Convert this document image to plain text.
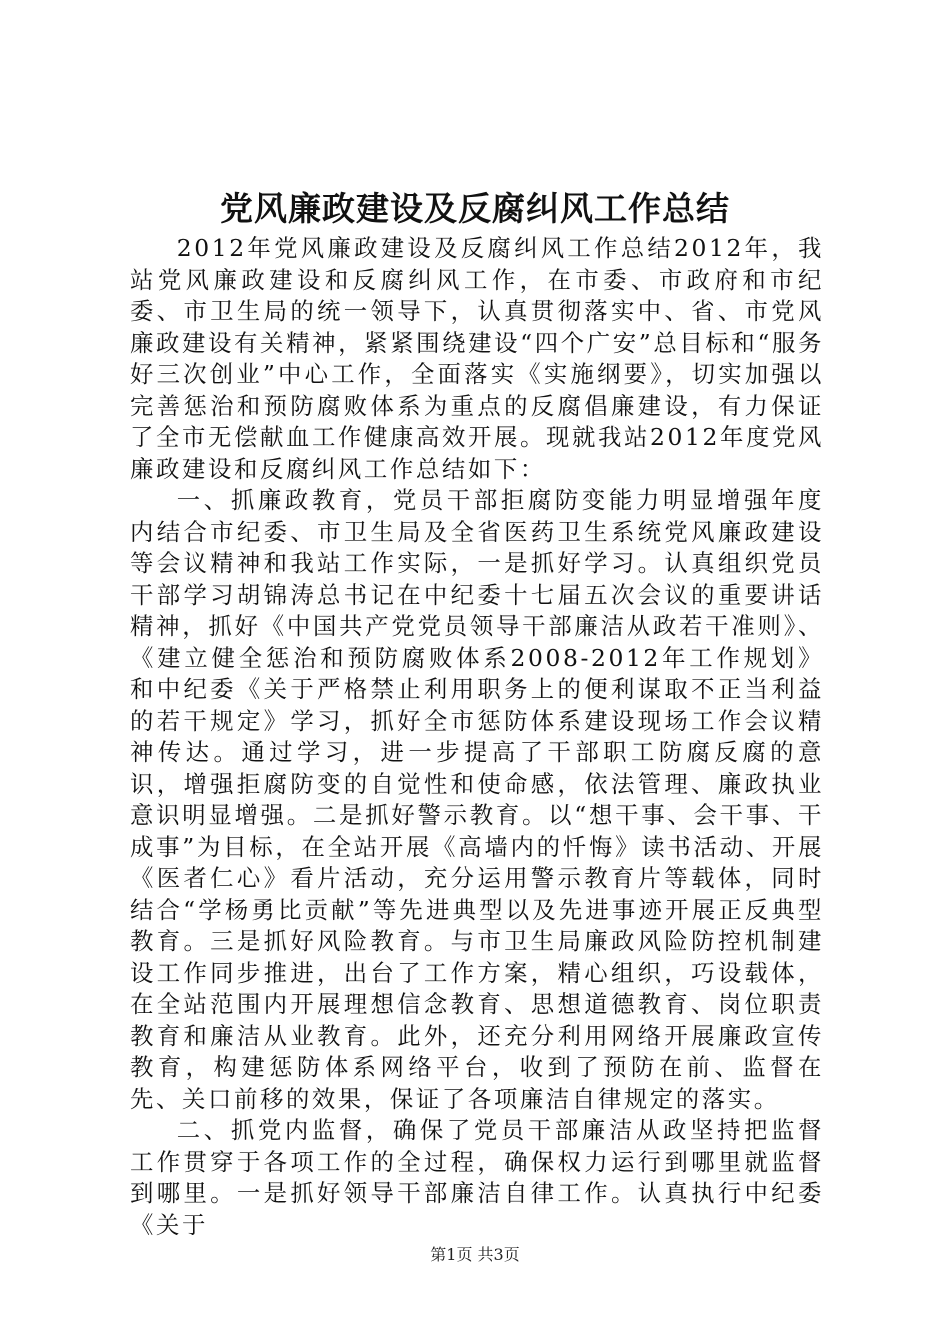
党风廉政建设及反腐纠风工作总结

2012年党风廉政建设及反腐纠风工作总结2012年，我站党风廉政建设和反腐纠风工作，在市委、市政府和市纪委、市卫生局的统一领导下，认真贯彻落实中、省、市党风廉政建设有关精神，紧紧围绕建设“四个广安”总目标和“服务好三次创业”中心工作，全面落实《实施纲要》，切实加强以完善惩治和预防腐败体系为重点的反腐倡廉建设，有力保证了全市无偿献血工作健康高效开展。现就我站2012年度党风廉政建设和反腐纠风工作总结如下：

一、抓廉政教育，党员干部拒腐防变能力明显增强年度内结合市纪委、市卫生局及全省医药卫生系统党风廉政建设等会议精神和我站工作实际，一是抓好学习。认真组织党员干部学习胡锦涛总书记在中纪委十七届五次会议的重要讲话精神，抓好《中国共产党党员领导干部廉洁从政若干准则》、《建立健全惩治和预防腐败体系2008-2012年工作规划》和中纪委《关于严格禁止利用职务上的便利谋取不正当利益的若干规定》学习，抓好全市惩防体系建设现场工作会议精神传达。通过学习，进一步提高了干部职工防腐反腐的意识，增强拒腐防变的自觉性和使命感，依法管理、廉政执业意识明显增强。二是抓好警示教育。以“想干事、会干事、干成事”为目标，在全站开展《高墙内的忏悔》读书活动、开展《医者仁心》看片活动，充分运用警示教育片等载体，同时结合“学杨勇比贡献”等先进典型以及先进事迹开展正反典型教育。三是抓好风险教育。与市卫生局廉政风险防控机制建设工作同步推进，出台了工作方案，精心组织，巧设载体，在全站范围内开展理想信念教育、思想道德教育、岗位职责教育和廉洁从业教育。此外，还充分利用网络开展廉政宣传教育，构建惩防体系网络平台，收到了预防在前、监督在先、关口前移的效果，保证了各项廉洁自律规定的落实。

二、抓党内监督，确保了党员干部廉洁从政坚持把监督工作贯穿于各项工作的全过程，确保权力运行到哪里就监督到哪里。一是抓好领导干部廉洁自律工作。认真执行中纪委《关于

第1页 共3页
